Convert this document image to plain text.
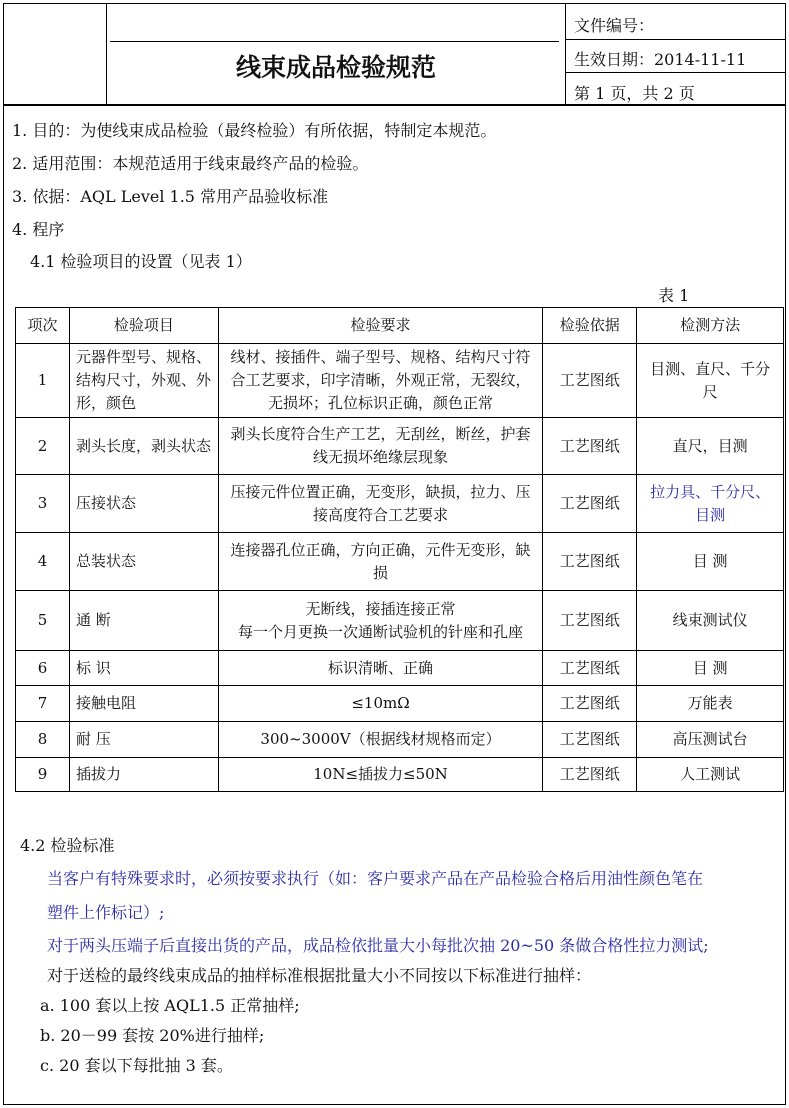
线束成品检验规范
文件编号：
生效日期：2014-11-11
第 1 页，共 2 页
1. 目的：为使线束成品检验（最终检验）有所依据，特制定本规范。
2. 适用范围：本规范适用于线束最终产品的检验。
3. 依据：AQL Level 1.5 常用产品验收标准
4. 程序
4.1 检验项目的设置（见表 1）
表 1
项次	检验项目	检验要求	检验依据	检测方法
1	元器件型号、规格、结构尺寸，外观、外形，颜色	线材、接插件、端子型号、规格、结构尺寸符合工艺要求，印字清晰，外观正常，无裂纹，无损坏；孔位标识正确，颜色正常	工艺图纸	目测、直尺、千分尺
2	剥头长度，剥头状态	剥头长度符合生产工艺，无刮丝，断丝，护套线无损坏绝缘层现象	工艺图纸	直尺，目测
3	压接状态	压接元件位置正确，无变形，缺损，拉力、压接高度符合工艺要求	工艺图纸	拉力具、千分尺、目测
4	总装状态	连接器孔位正确，方向正确，元件无变形，缺损	工艺图纸	目 测
5	通 断	无断线，接插连接正常
每一个月更换一次通断试验机的针座和孔座	工艺图纸	线束测试仪
6	标 识	标识清晰、正确	工艺图纸	目 测
7	接触电阻	≤10mΩ	工艺图纸	万能表
8	耐 压	300~3000V（根据线材规格而定）	工艺图纸	高压测试台
9	插拔力	10N≤插拔力≤50N	工艺图纸	人工测试
4.2 检验标准
当客户有特殊要求时，必须按要求执行（如：客户要求产品在产品检验合格后用油性颜色笔在
塑件上作标记）;
对于两头压端子后直接出货的产品，成品检依批量大小每批次抽 20~50 条做合格性拉力测试;
对于送检的最终线束成品的抽样标准根据批量大小不同按以下标准进行抽样：
a. 100 套以上按 AQL1.5 正常抽样;
b. 20－99 套按 20%进行抽样;
c. 20 套以下每批抽 3 套。
